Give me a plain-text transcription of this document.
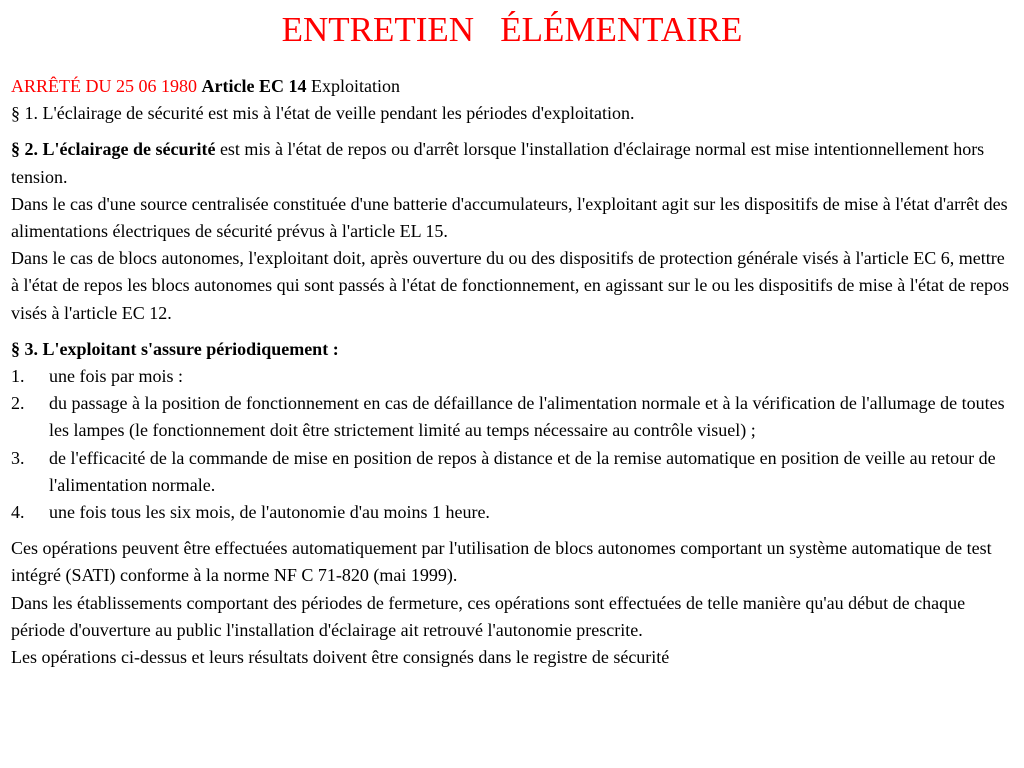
ENTRETIEN   ÉLÉMENTAIRE

ARRÊTÉ DU 25 06 1980 Article EC 14 Exploitation

§ 1. L'éclairage de sécurité est mis à l'état de veille pendant les périodes d'exploitation.

§ 2. L'éclairage de sécurité est mis à l'état de repos ou d'arrêt lorsque l'installation d'éclairage normal est mise intentionnellement hors tension.

Dans le cas d'une source centralisée constituée d'une batterie d'accumulateurs, l'exploitant agit sur les dispositifs de mise à l'état d'arrêt des alimentations électriques de sécurité prévus à l'article EL 15.

Dans le cas de blocs autonomes, l'exploitant doit, après ouverture du ou des dispositifs de protection générale visés à l'article EC 6, mettre à l'état de repos les blocs autonomes qui sont passés à l'état de fonctionnement, en agissant sur le ou les dispositifs de mise à l'état de repos visés à l'article EC 12.

§ 3. L'exploitant s'assure périodiquement :

1. une fois par mois :
2. du passage à la position de fonctionnement en cas de défaillance de l'alimentation normale et à la vérification de l'allumage de toutes les lampes (le fonctionnement doit être strictement limité au temps nécessaire au contrôle visuel) ;
3. de l'efficacité de la commande de mise en position de repos à distance et de la remise automatique en position de veille au retour de l'alimentation normale.
4. une fois tous les six mois, de l'autonomie d'au moins 1 heure.

Ces opérations peuvent être effectuées automatiquement par l'utilisation de blocs autonomes comportant un système automatique de test intégré (SATI) conforme à la norme NF C 71-820 (mai 1999).

Dans les établissements comportant des périodes de fermeture, ces opérations sont effectuées de telle manière qu'au début de chaque période d'ouverture au public l'installation d'éclairage ait retrouvé l'autonomie prescrite.

Les opérations ci-dessus et leurs résultats doivent être consignés dans le registre de sécurité
